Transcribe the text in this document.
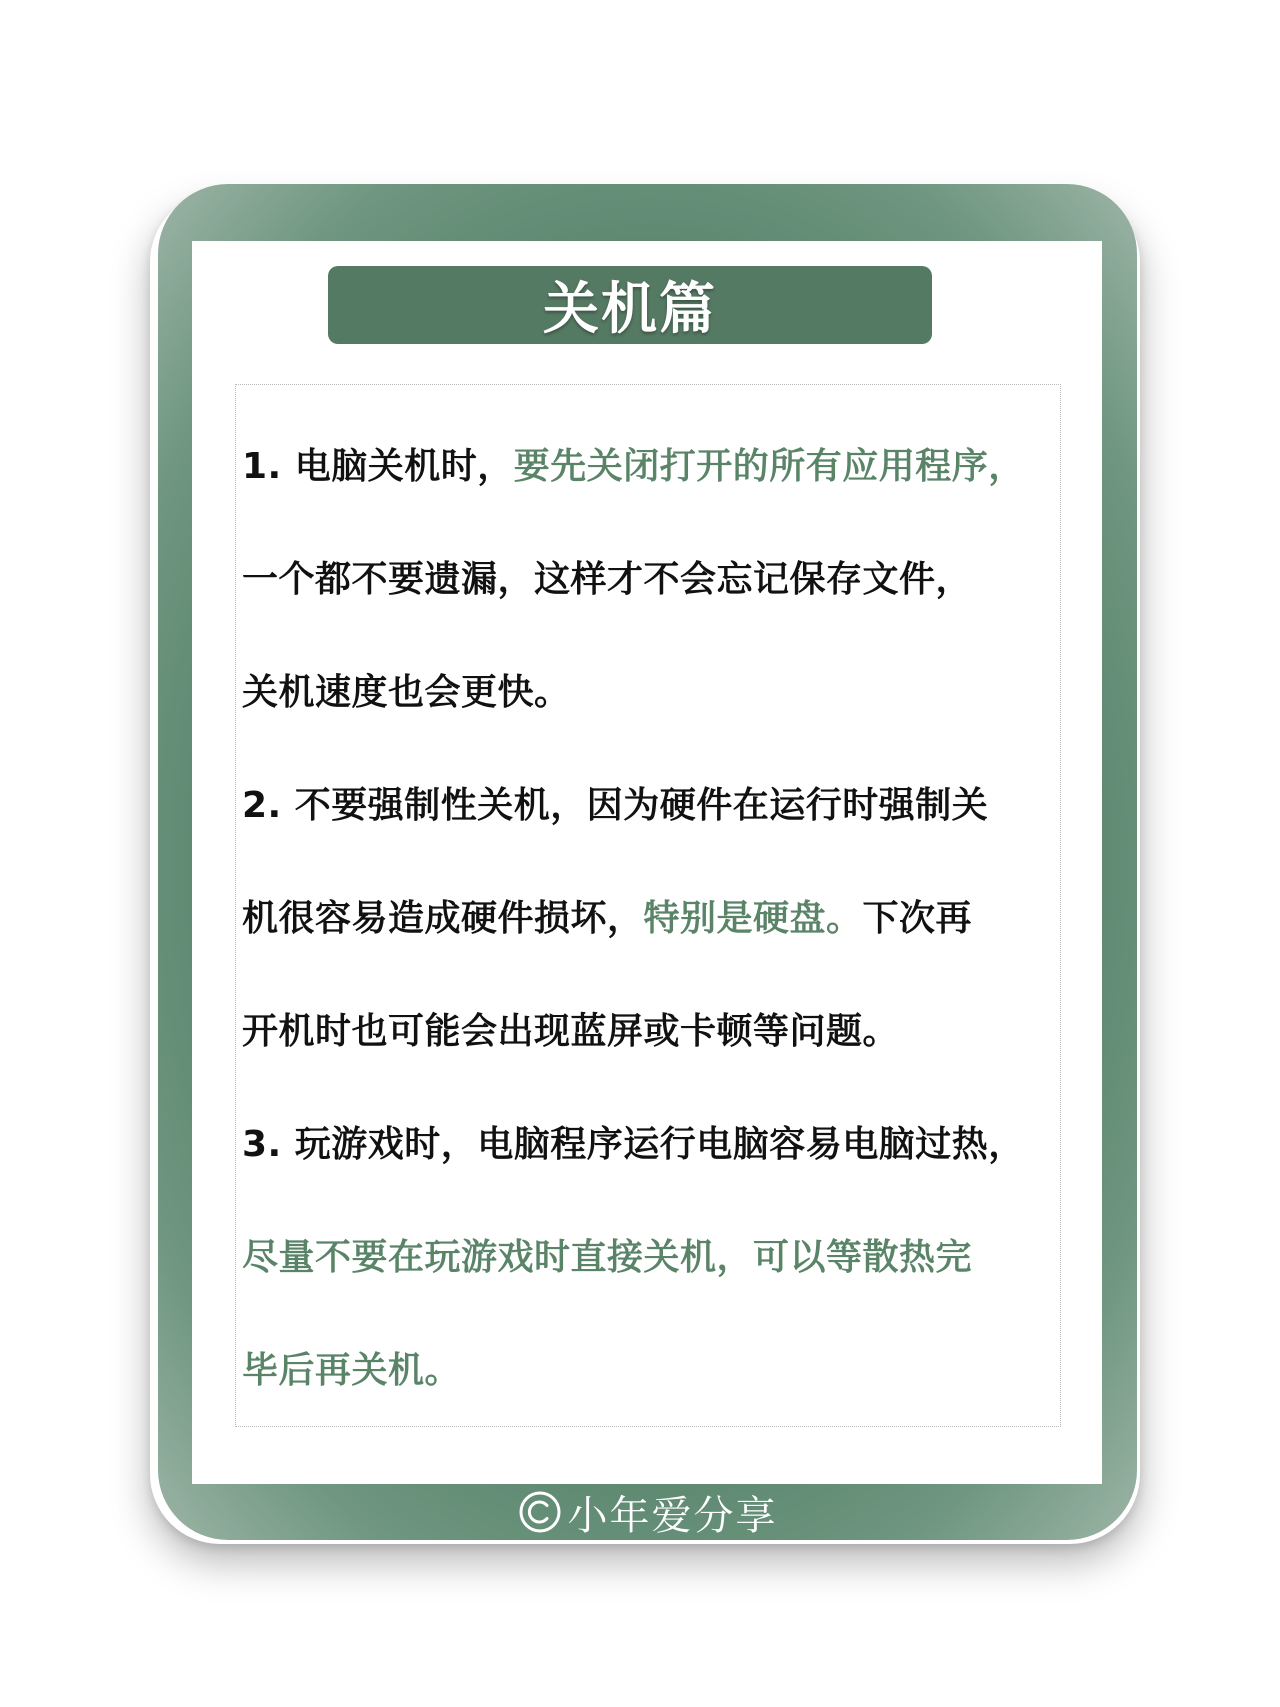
关机篇
1. 电脑关机时， 要先关闭打开的所有应用程序，
一个都不要遗漏，这样才不会忘记保存文件，
关机速度也会更快。
2. 不要强制性关机，因为硬件在运行时强制关
机很容易造成硬件损坏， 特别是硬盘。 下次再
开机时也可能会出现蓝屏或卡顿等问题。
3. 玩游戏时，电脑程序运行电脑容易电脑过热，
尽量不要在玩游戏时直接关机，可以等散热完
毕后再关机。
小年爱分享
